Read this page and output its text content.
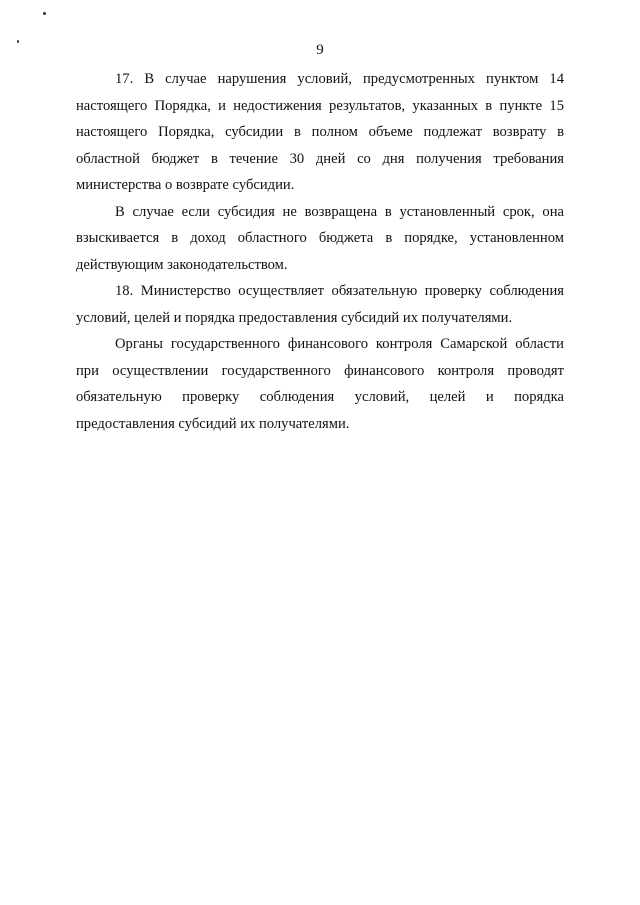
9

17. В случае нарушения условий, предусмотренных пунктом 14 настоящего Порядка, и недостижения результатов, указанных в пункте 15 настоящего Порядка, субсидии в полном объеме подлежат возврату в областной бюджет в течение 30 дней со дня получения требования министерства о возврате субсидии.

В случае если субсидия не возвращена в установленный срок, она взыскивается в доход областного бюджета в порядке, установленном действующим законодательством.

18. Министерство осуществляет обязательную проверку соблюдения условий, целей и порядка предоставления субсидий их получателями.

Органы государственного финансового контроля Самарской области при осуществлении государственного финансового контроля проводят обязательную проверку соблюдения условий, целей и порядка предоставления субсидий их получателями.
